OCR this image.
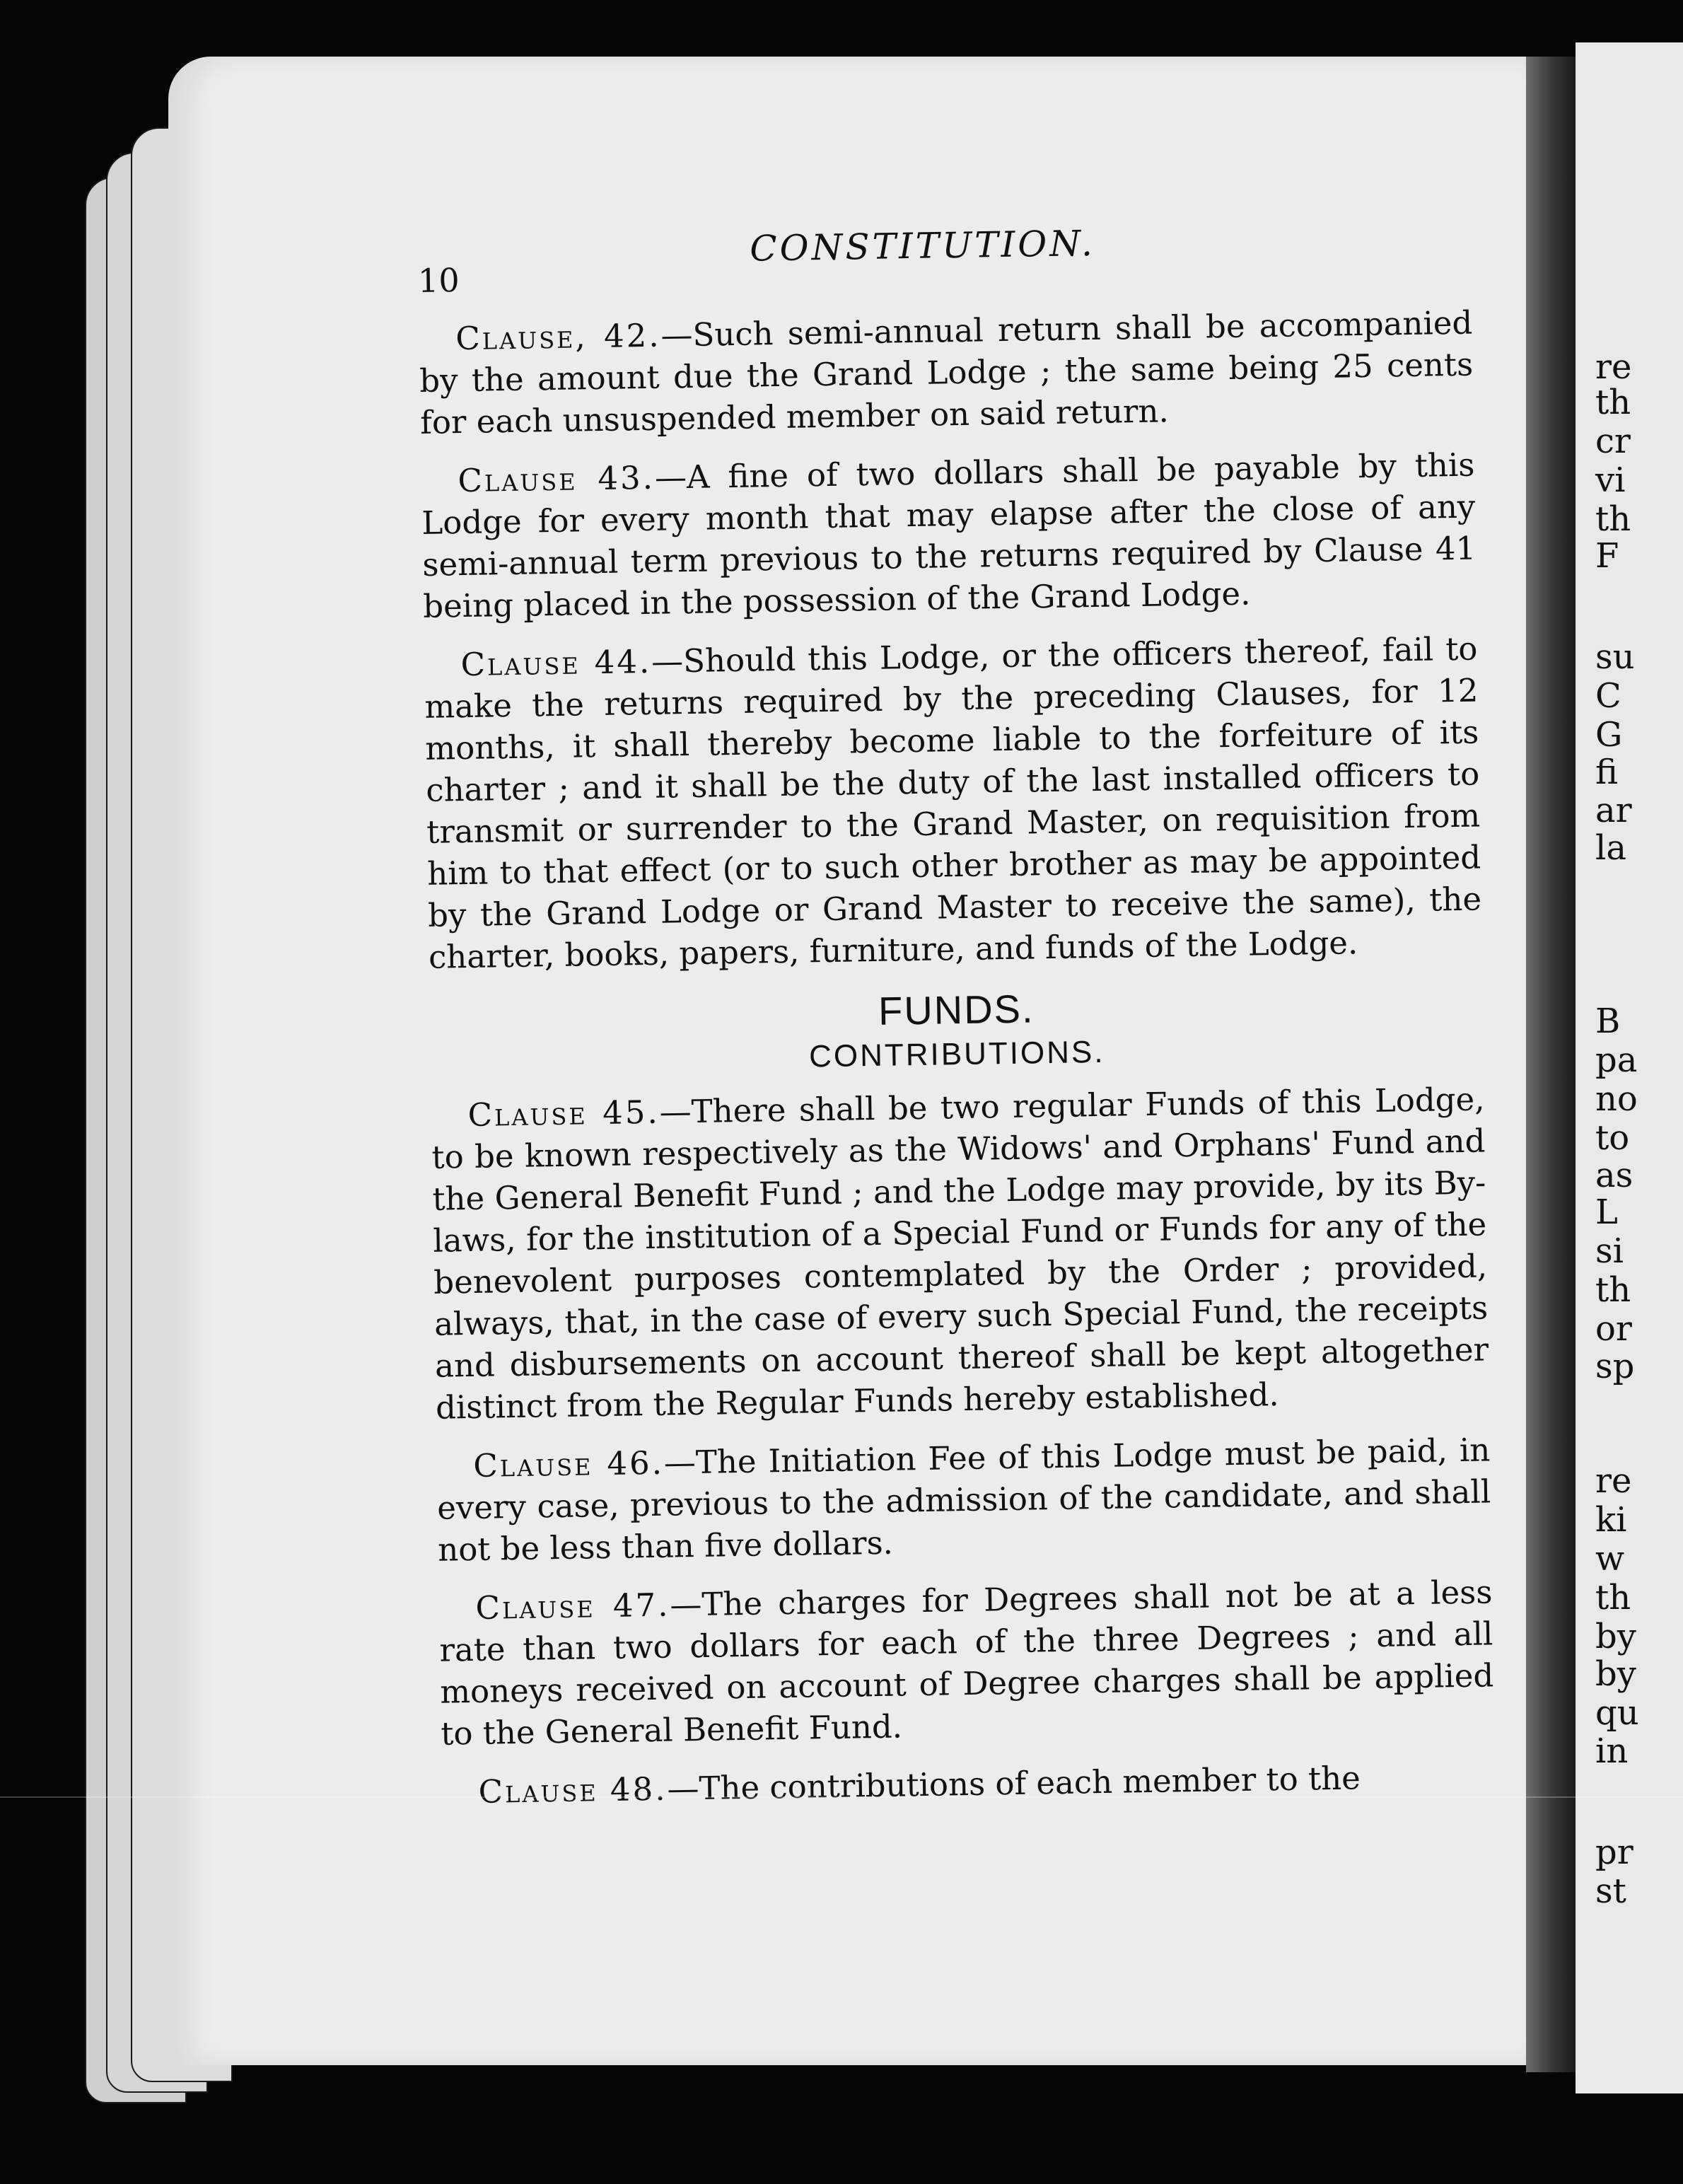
re
th
cr
vi
th
F
su
C
G
fi
ar
la
B
pa
no
to
as
L
si
th
or
sp
re
ki
w
th
by
by
qu
in
pr
st
10
CONSTITUTION.

Clause, 42.—Such semi-annual return shall be accompanied by the amount due the Grand Lodge ; the same being 25 cents for each unsuspended member on said return.

Clause 43.—A fine of two dollars shall be payable by this Lodge for every month that may elapse after the close of any semi-annual term previous to the returns required by Clause 41 being placed in the possession of the Grand Lodge.

Clause 44.—Should this Lodge, or the officers thereof, fail to make the returns required by the preceding Clauses, for 12 months, it shall thereby become liable to the forfeiture of its charter ; and it shall be the duty of the last installed officers to transmit or surrender to the Grand Master, on requisition from him to that effect (or to such other brother as may be appointed by the Grand Lodge or Grand Master to receive the same), the charter, books, papers, furniture, and funds of the Lodge.

FUNDS.
CONTRIBUTIONS.

Clause 45.—There shall be two regular Funds of this Lodge, to be known respectively as the Widows' and Orphans' Fund and the General Benefit Fund ; and the Lodge may provide, by its By-laws, for the institution of a Special Fund or Funds for any of the benevolent purposes contemplated by the Order ; provided, always, that, in the case of every such Special Fund, the receipts and disbursements on account thereof shall be kept altogether distinct from the Regular Funds hereby established.

Clause 46.—The Initiation Fee of this Lodge must be paid, in every case, previous to the admission of the candidate, and shall not be less than five dollars.

Clause 47.—The charges for Degrees shall not be at a less rate than two dollars for each of the three Degrees ; and all moneys received on account of Degree charges shall be applied to the General Benefit Fund.

Clause 48.—The contributions of each member to the
